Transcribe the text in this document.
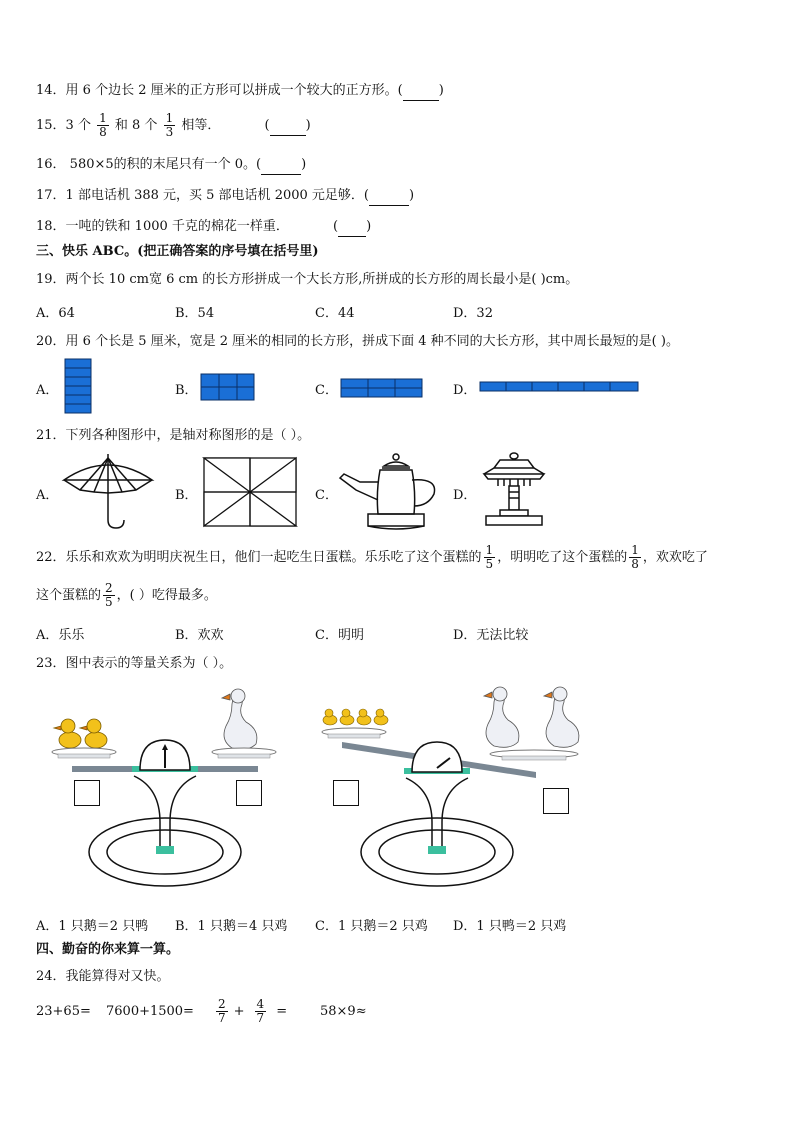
14．用 6 个边长 2 厘米的正方形可以拼成一个较大的正方形。(	)
15．3 个 $\frac{1}{8}$ 和 8 个 $\frac{1}{3}$ 相等．	(	)
16． 580×5的积的末尾只有一个 0。(	)
17．1 部电话机 388 元，买 5 部电话机 2000 元足够．(	)
18．一吨的铁和 1000 千克的棉花一样重．	( )
三、快乐 ABC。(把正确答案的序号填在括号里)
19．两个长 10 cm宽 6 cm 的长方形拼成一个大长方形,所拼成的长方形的周长最小是( )cm。
A．64	B．54	C．44	D．32
20．用 6 个长是 5 厘米，宽是 2 厘米的相同的长方形，拼成下面 4 种不同的大长方形，其中周长最短的是( )。
A．	B．	C．	D．
21．下列各种图形中，是轴对称图形的是（ ）。
A．	B．	C．	D．
22．乐乐和欢欢为明明庆祝生日，他们一起吃生日蛋糕。乐乐吃了这个蛋糕的 $\frac{1}{5}$ ，明明吃了这个蛋糕的 $\frac{1}{8}$ ，欢欢吃了
这个蛋糕的 $\frac{2}{5}$ ，( ）吃得最多。
A．乐乐	B．欢欢	C．明明	D．无法比较
23．图中表示的等量关系为（ ）。
A．1 只鹅＝2 只鸭 B．1 只鹅＝4 只鸡 C．1 只鹅＝2 只鸡 D．1 只鸭＝2 只鸡
四、勤奋的你来算一算。
24．我能算得对又快。
$23+65= 7600+1500= \frac{2}{7} + \frac{4}{7}$ =	58×9≈
